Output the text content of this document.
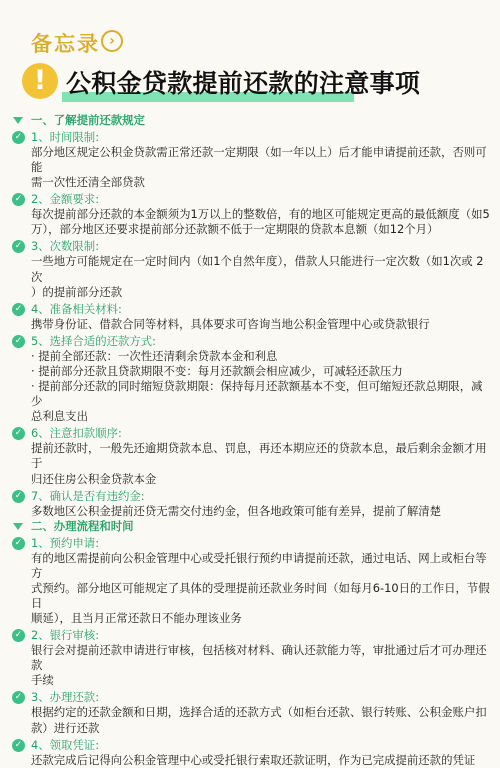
备忘录 ›
! 公积金贷款提前还款的注意事项
一、了解提前还款规定
✓ 1、时间限制:
部分地区规定公积金贷款需正常还款一定期限（如一年以上）后才能申请提前还款，否则可能
需一次性还清全部贷款
✓ 2、金额要求:
每次提前部分还款的本金额须为1万以上的整数倍，有的地区可能规定更高的最低额度（如5
万），部分地区还要求提前部分还款额不低于一定期限的贷款本息额（如12个月）
✓ 3、次数限制:
一些地方可能规定在一定时间内（如1个自然年度），借款人只能进行一定次数（如1次或 2次
）的提前部分还款
✓ 4、准备相关材料:
携带身份证、借款合同等材料，具体要求可咨询当地公积金管理中心或贷款银行
✓ 5、选择合适的还款方式:
· 提前全部还款：一次性还清剩余贷款本金和利息
· 提前部分还款且贷款期限不变：每月还款额会相应减少，可减轻还款压力
· 提前部分还款的同时缩短贷款期限：保持每月还款额基本不变，但可缩短还款总期限，减少
总利息支出
✓ 6、注意扣款顺序:
提前还款时，一般先还逾期贷款本息、罚息，再还本期应还的贷款本息，最后剩余金额才用于
归还住房公积金贷款本金
✓ 7、确认是否有违约金:
多数地区公积金提前还贷无需交付违约金，但各地政策可能有差异，提前了解清楚
二、办理流程和时间
✓ 1、预约申请:
有的地区需提前向公积金管理中心或受托银行预约申请提前还款，通过电话、网上或柜台等方
式预约。部分地区可能规定了具体的受理提前还款业务时间（如每月6-10日的工作日，节假日
顺延），且当月正常还款日不能办理该业务
✓ 2、银行审核:
银行会对提前还款申请进行审核，包括核对材料、确认还款能力等，审批通过后才可办理还款
手续
✓ 3、办理还款:
根据约定的还款金额和日期，选择合适的还款方式（如柜台还款、银行转账、公积金账户扣
款）进行还款
✓ 4、领取凭证:
还款完成后记得向公积金管理中心或受托银行索取还款证明，作为已完成提前还款的凭证
